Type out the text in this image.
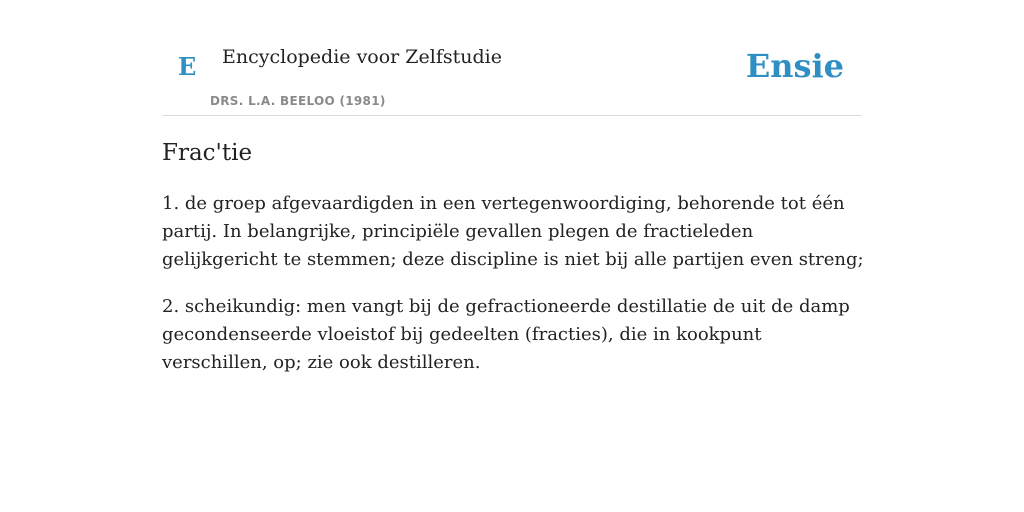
E Encyclopedie voor Zelfstudie
DRS. L.A. BEELOO (1981)
Ensie
Frac'tie

1. de groep afgevaardigden in een vertegenwoordiging, behorende tot één partij. In belangrijke, principiële gevallen plegen de fractieleden gelijkgericht te stemmen; deze discipline is niet bij alle partijen even streng;

2. scheikundig: men vangt bij de gefractioneerde destillatie de uit de damp gecondenseerde vloeistof bij gedeelten (fracties), die in kookpunt verschillen, op; zie ook destilleren.
